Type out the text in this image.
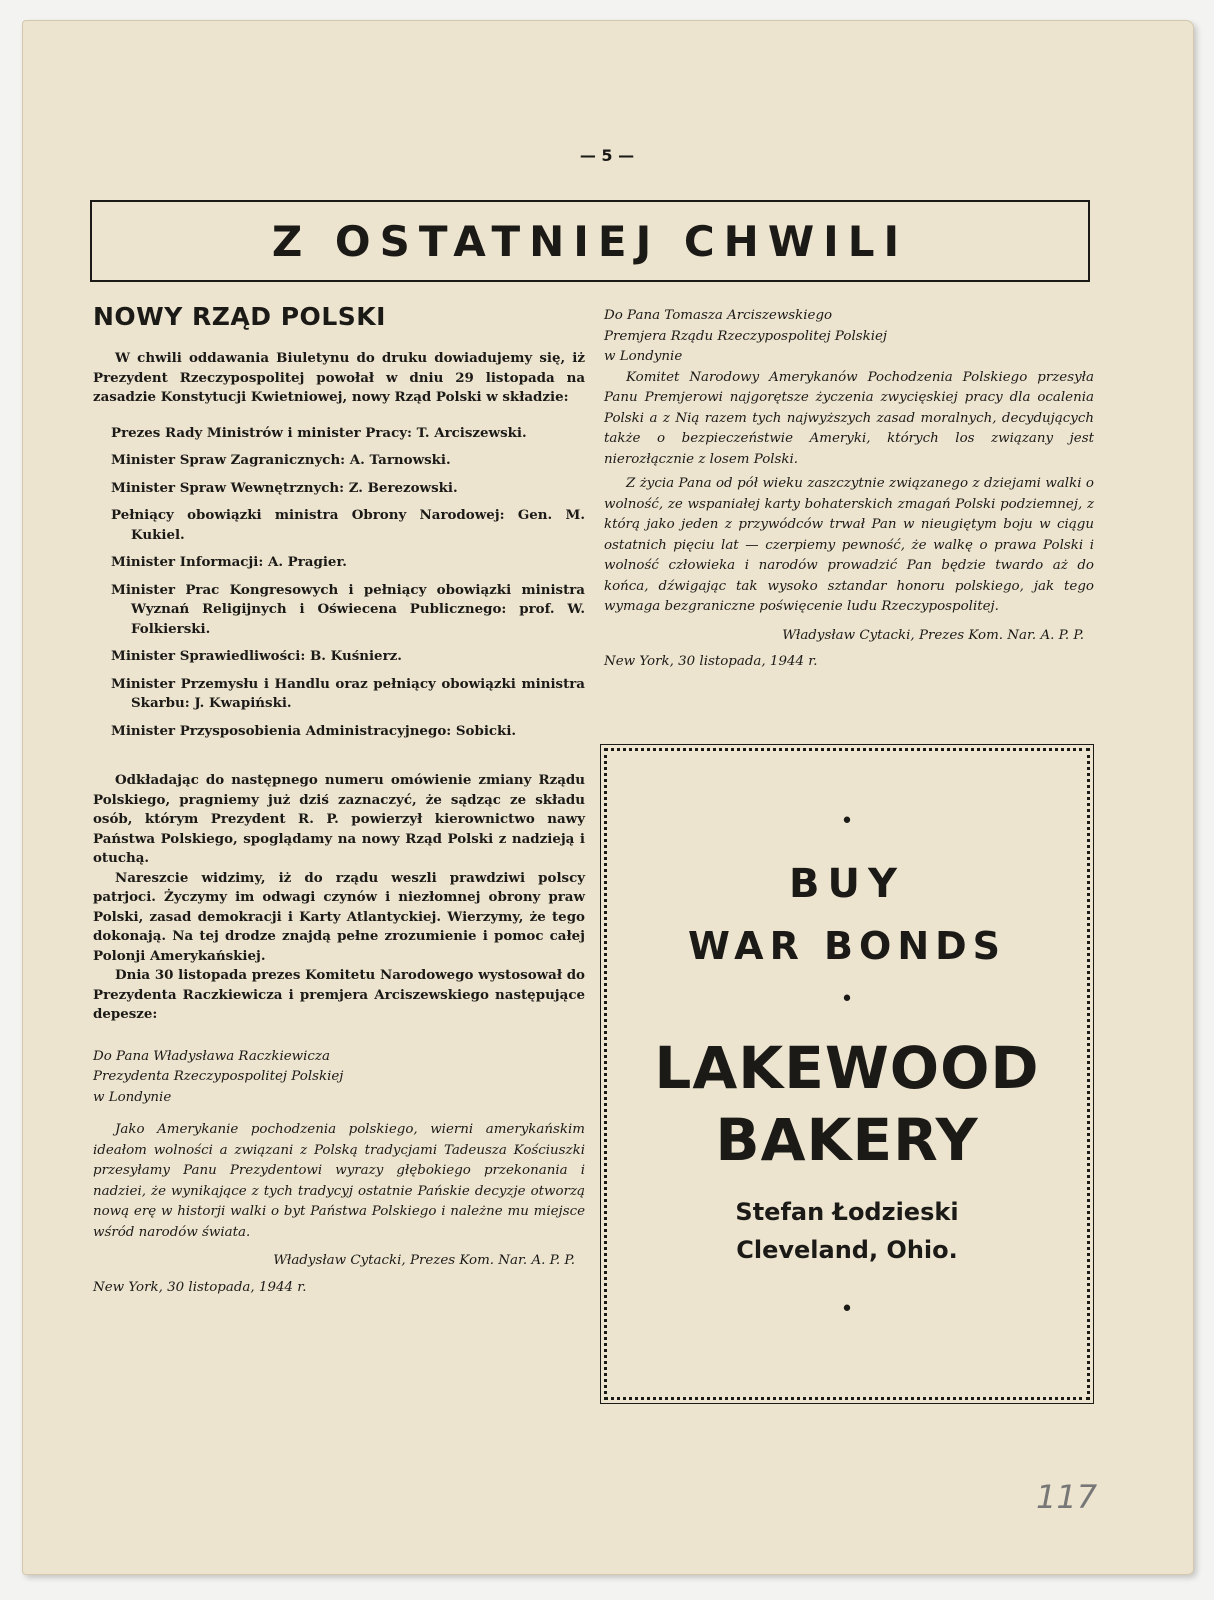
— 5 —
Z OSTATNIEJ CHWILI
NOWY RZĄD POLSKI

W chwili oddawania Biuletynu do druku dowiadujemy się, iż Prezydent Rzeczypospolitej powołał w dniu 29 listopada na zasadzie Konstytucji Kwietniowej, nowy Rząd Polski w składzie:

Prezes Rady Ministrów i minister Pracy: T. Arciszewski.
Minister Spraw Zagranicznych: A. Tarnowski.
Minister Spraw Wewnętrznych: Z. Berezowski.
Pełniący obowiązki ministra Obrony Narodowej: Gen. M. Kukiel.
Minister Informacji: A. Pragier.
Minister Prac Kongresowych i pełniący obowiązki ministra Wyznań Religijnych i Oświecena Publicznego: prof. W. Folkierski.
Minister Sprawiedliwości: B. Kuśnierz.
Minister Przemysłu i Handlu oraz pełniący obowiązki ministra Skarbu: J. Kwapiński.
Minister Przysposobienia Administracyjnego: Sobicki.

Odkładając do następnego numeru omówienie zmiany Rządu Polskiego, pragniemy już dziś zaznaczyć, że sądząc ze składu osób, którym Prezydent R. P. powierzył kierownictwo nawy Państwa Polskiego, spoglądamy na nowy Rząd Polski z nadzieją i otuchą.

Nareszcie widzimy, iż do rządu weszli prawdziwi polscy patrjoci. Życzymy im odwagi czynów i niezłomnej obrony praw Polski, zasad demokracji i Karty Atlantyckiej. Wierzymy, że tego dokonają. Na tej drodze znajdą pełne zrozumienie i pomoc całej Polonji Amerykańskiej.

Dnia 30 listopada prezes Komitetu Narodowego wystosował do Prezydenta Raczkiewicza i premjera Arciszewskiego następujące depesze:

Do Pana Władysława Raczkiewicza
Prezydenta Rzeczypospolitej Polskiej
w Londynie

Jako Amerykanie pochodzenia polskiego, wierni amerykańskim ideałom wolności a związani z Polską tradycjami Tadeusza Kościuszki przesyłamy Panu Prezydentowi wyrazy głębokiego przekonania i nadziei, że wynikające z tych tradycyj ostatnie Pańskie decyzje otworzą nową erę w historji walki o byt Państwa Polskiego i należne mu miejsce wśród narodów świata.

Władysław Cytacki, Prezes Kom. Nar. A. P. P.
New York, 30 listopada, 1944 r.
Do Pana Tomasza Arciszewskiego
Premjera Rządu Rzeczypospolitej Polskiej
w Londynie

Komitet Narodowy Amerykanów Pochodzenia Polskiego przesyła Panu Premjerowi najgorętsze życzenia zwycięskiej pracy dla ocalenia Polski a z Nią razem tych najwyższych zasad moralnych, decydujących także o bezpieczeństwie Ameryki, których los związany jest nierozłącznie z losem Polski.

Z życia Pana od pół wieku zaszczytnie związanego z dziejami walki o wolność, ze wspaniałej karty bohaterskich zmagań Polski podziemnej, z którą jako jeden z przywódców trwał Pan w nieugiętym boju w ciągu ostatnich pięciu lat — czerpiemy pewność, że walkę o prawa Polski i wolność człowieka i narodów prowadzić Pan będzie twardo aż do końca, dźwigając tak wysoko sztandar honoru polskiego, jak tego wymaga bezgraniczne poświęcenie ludu Rzeczypospolitej.

Władysław Cytacki, Prezes Kom. Nar. A. P. P.
New York, 30 listopada, 1944 r.
•
BUY
WAR BONDS
•
LAKEWOOD
BAKERY
Stefan Łodzieski
Cleveland, Ohio.
•
117
